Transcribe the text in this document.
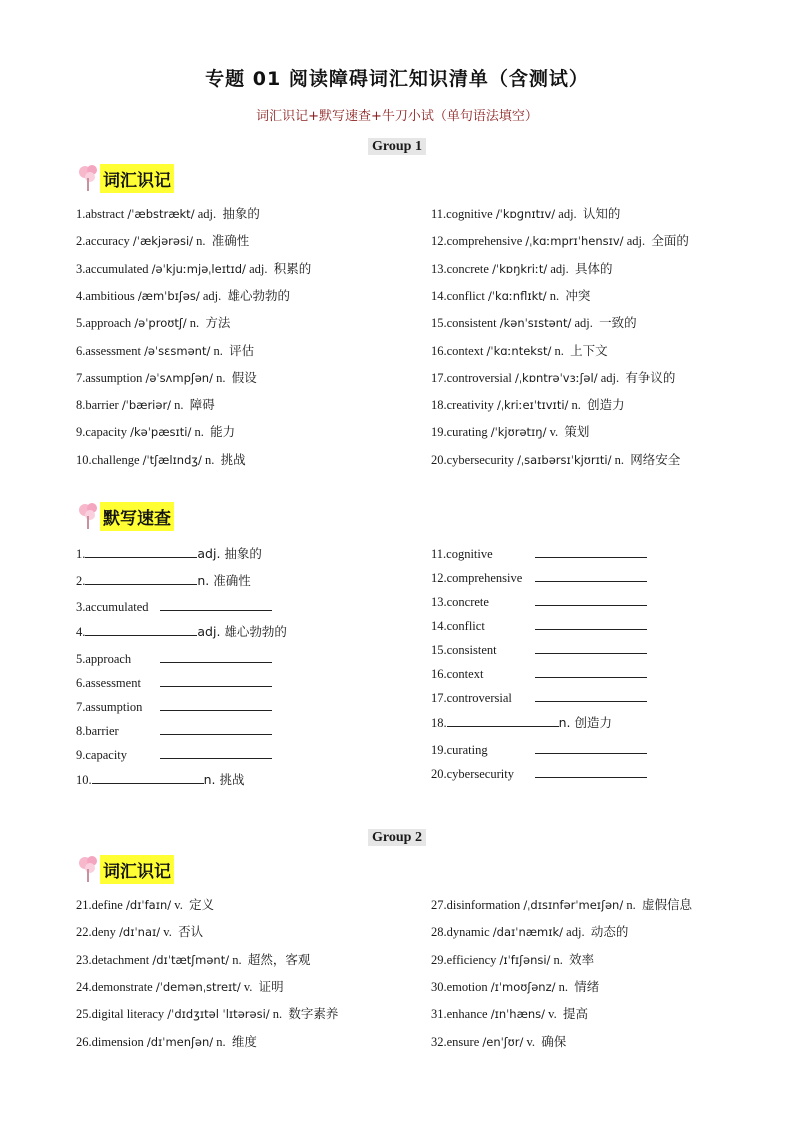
专题 01 阅读障碍词汇知识清单（含测试）
词汇识记+默写速查+牛刀小试（单句语法填空）
Group 1
词汇识记
1.abstract /ˈæbstrækt/ adj. 抽象的
2.accuracy /ˈækjərəsi/ n. 准确性
3.accumulated /əˈkjuːmjəˌleɪtɪd/ adj. 积累的
4.ambitious /æmˈbɪʃəs/ adj. 雄心勃勃的
5.approach /əˈproʊtʃ/ n. 方法
6.assessment /əˈsɛsmənt/ n. 评估
7.assumption /əˈsʌmpʃən/ n. 假设
8.barrier /ˈbæriər/ n. 障碍
9.capacity /kəˈpæsɪti/ n. 能力
10.challenge /ˈtʃælɪndʒ/ n. 挑战
11.cognitive /ˈkɒɡnɪtɪv/ adj. 认知的
12.comprehensive /ˌkɑːmprɪˈhensɪv/ adj. 全面的
13.concrete /ˈkɒŋkriːt/ adj. 具体的
14.conflict /ˈkɑːnflɪkt/ n. 冲突
15.consistent /kənˈsɪstənt/ adj. 一致的
16.context /ˈkɑːntekst/ n. 上下文
17.controversial /ˌkɒntrəˈvɜːʃəl/ adj. 有争议的
18.creativity /ˌkriːeɪˈtɪvɪti/ n. 创造力
19.curating /ˈkjʊrətɪŋ/ v. 策划
20.cybersecurity /ˌsaɪbərsɪˈkjʊrɪti/ n. 网络安全
默写速查
1.	adj. 抽象的
2.	n. 准确性
3.accumulated
4.	adj. 雄心勃勃的
5.approach
6.assessment
7.assumption
8.barrier
9.capacity
10.	n. 挑战
11.cognitive
12.comprehensive
13.concrete
14.conflict
15.consistent
16.context
17.controversial
18.	n. 创造力
19.curating
20.cybersecurity
Group 2
词汇识记
21.define /dɪˈfaɪn/ v. 定义
22.deny /dɪˈnaɪ/ v. 否认
23.detachment /dɪˈtætʃmənt/ n. 超然，客观
24.demonstrate /ˈdemənˌstreɪt/ v. 证明
25.digital literacy /ˈdɪdʒɪtəl ˈlɪtərəsi/ n. 数字素养
26.dimension /dɪˈmenʃən/ n. 维度
27.disinformation /ˌdɪsɪnfərˈmeɪʃən/ n. 虚假信息
28.dynamic /daɪˈnæmɪk/ adj. 动态的
29.efficiency /ɪˈfɪʃənsi/ n. 效率
30.emotion /ɪˈmoʊʃənz/ n. 情绪
31.enhance /ɪnˈhæns/ v. 提高
32.ensure /enˈʃʊr/ v. 确保
